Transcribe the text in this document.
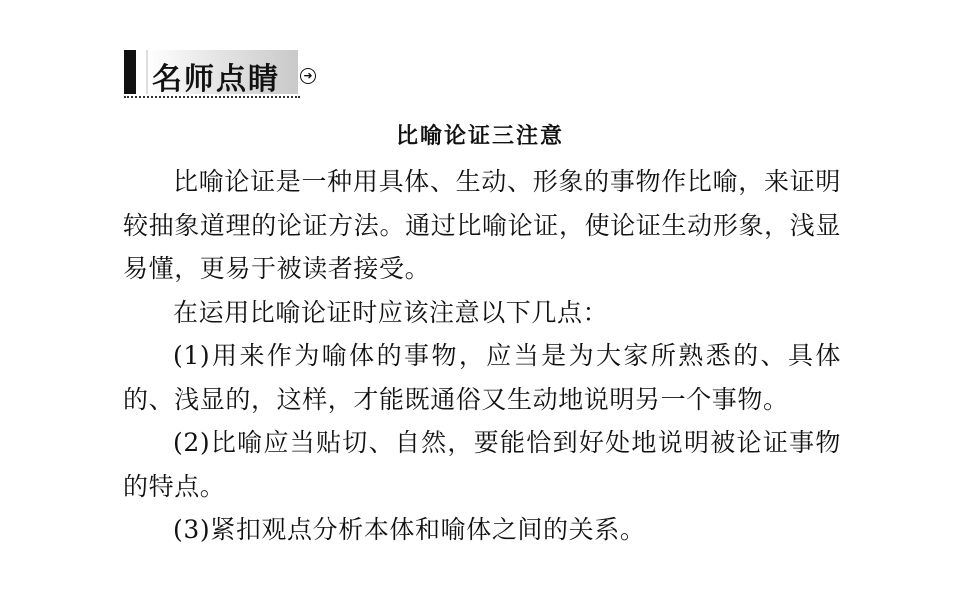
名师点睛	➜
比喻论证三注意

比喻论证是一种用具体、生动、形象的事物作比喻，来证明较抽象道理的论证方法。通过比喻论证，使论证生动形象，浅显易懂，更易于被读者接受。

在运用比喻论证时应该注意以下几点：

(1)用来作为喻体的事物，应当是为大家所熟悉的、具体的、浅显的，这样，才能既通俗又生动地说明另一个事物。

(2)比喻应当贴切、自然，要能恰到好处地说明被论证事物的特点。

(3)紧扣观点分析本体和喻体之间的关系。
